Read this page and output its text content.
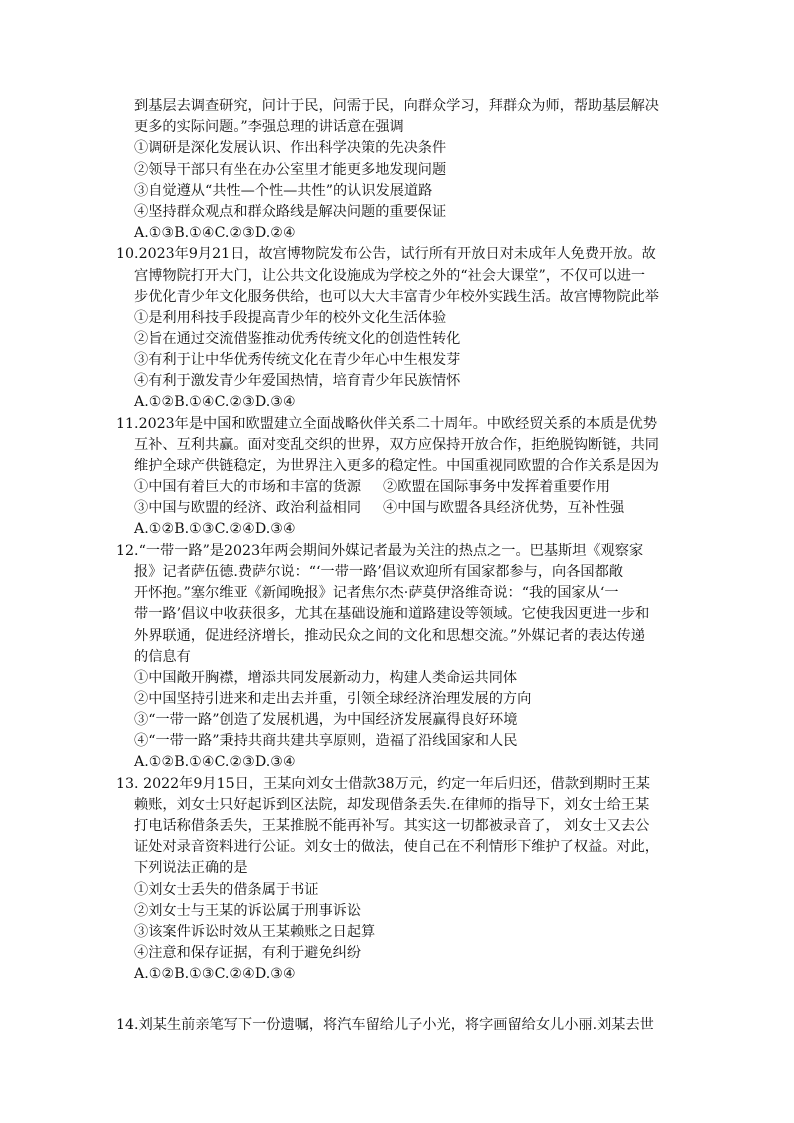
到基层去调查研究，问计于民，问需于民，向群众学习，拜群众为师，帮助基层解决
更多的实际问题。”李强总理的讲话意在强调
①调研是深化发展认识、作出科学决策的先决条件
②领导干部只有坐在办公室里才能更多地发现问题
③自觉遵从“共性—个性—共性”的认识发展道路
④坚持群众观点和群众路线是解决问题的重要保证
A.①③B.①④C.②③D.②④
10.2023年9月21日，故宫博物院发布公告，试行所有开放日对未成年人免费开放。故
宫博物院打开大门，让公共文化设施成为学校之外的“社会大课堂”，不仅可以进一
步优化青少年文化服务供给，也可以大大丰富青少年校外实践生活。故宫博物院此举
①是利用科技手段提高青少年的校外文化生活体验
②旨在通过交流借鉴推动优秀传统文化的创造性转化
③有利于让中华优秀传统文化在青少年心中生根发芽
④有利于激发青少年爱国热情，培育青少年民族情怀
A.①②B.①④C.②③D.③④
11.2023年是中国和欧盟建立全面战略伙伴关系二十周年。中欧经贸关系的本质是优势
互补、互利共赢。面对变乱交织的世界，双方应保持开放合作，拒绝脱钩断链，共同
维护全球产供链稳定，为世界注入更多的稳定性。中国重视同欧盟的合作关系是因为
①中国有着巨大的市场和丰富的货源 ②欧盟在国际事务中发挥着重要作用
③中国与欧盟的经济、政治利益相同 ④中国与欧盟各具经济优势，互补性强
A.①②B.①③C.②④D.③④
12.“一带一路”是2023年两会期间外媒记者最为关注的热点之一。巴基斯坦《观察家
报》记者萨伍德.费萨尔说：“‘一带一路’倡议欢迎所有国家都参与，向各国都敞
开怀抱。”塞尔维亚《新闻晚报》记者焦尔杰·萨莫伊洛维奇说：“我的国家从‘一
带一路’倡议中收获很多，尤其在基础设施和道路建设等领域。它使我因更进一步和
外界联通，促进经济增长，推动民众之间的文化和思想交流。”外媒记者的表达传递
的信息有
①中国敞开胸襟，增添共同发展新动力，构建人类命运共同体
②中国坚持引进来和走出去并重，引领全球经济治理发展的方向
③“一带一路”创造了发展机遇，为中国经济发展赢得良好环境
④“一带一路”秉持共商共建共享原则，造福了沿线国家和人民
A.①②B.①④C.②③D.③④
13. 2022年9月15日，王某向刘女士借款38万元，约定一年后归还，借款到期时王某
赖账，刘女士只好起诉到区法院，却发现借条丢失.在律师的指导下，刘女士给王某
打电话称借条丢失，王某推脱不能再补写。其实这一切都被录音了， 刘女士又去公
证处对录音资料进行公证。刘女士的做法，使自己在不利情形下维护了权益。对此，
下列说法正确的是
①刘女士丢失的借条属于书证
②刘女士与王某的诉讼属于刑事诉讼
③该案件诉讼时效从王某赖账之日起算
④注意和保存证据，有利于避免纠纷
A.①②B.①③C.②④D.③④
14.刘某生前亲笔写下一份遗嘱，将汽车留给儿子小光，将字画留给女儿小丽.刘某去世
